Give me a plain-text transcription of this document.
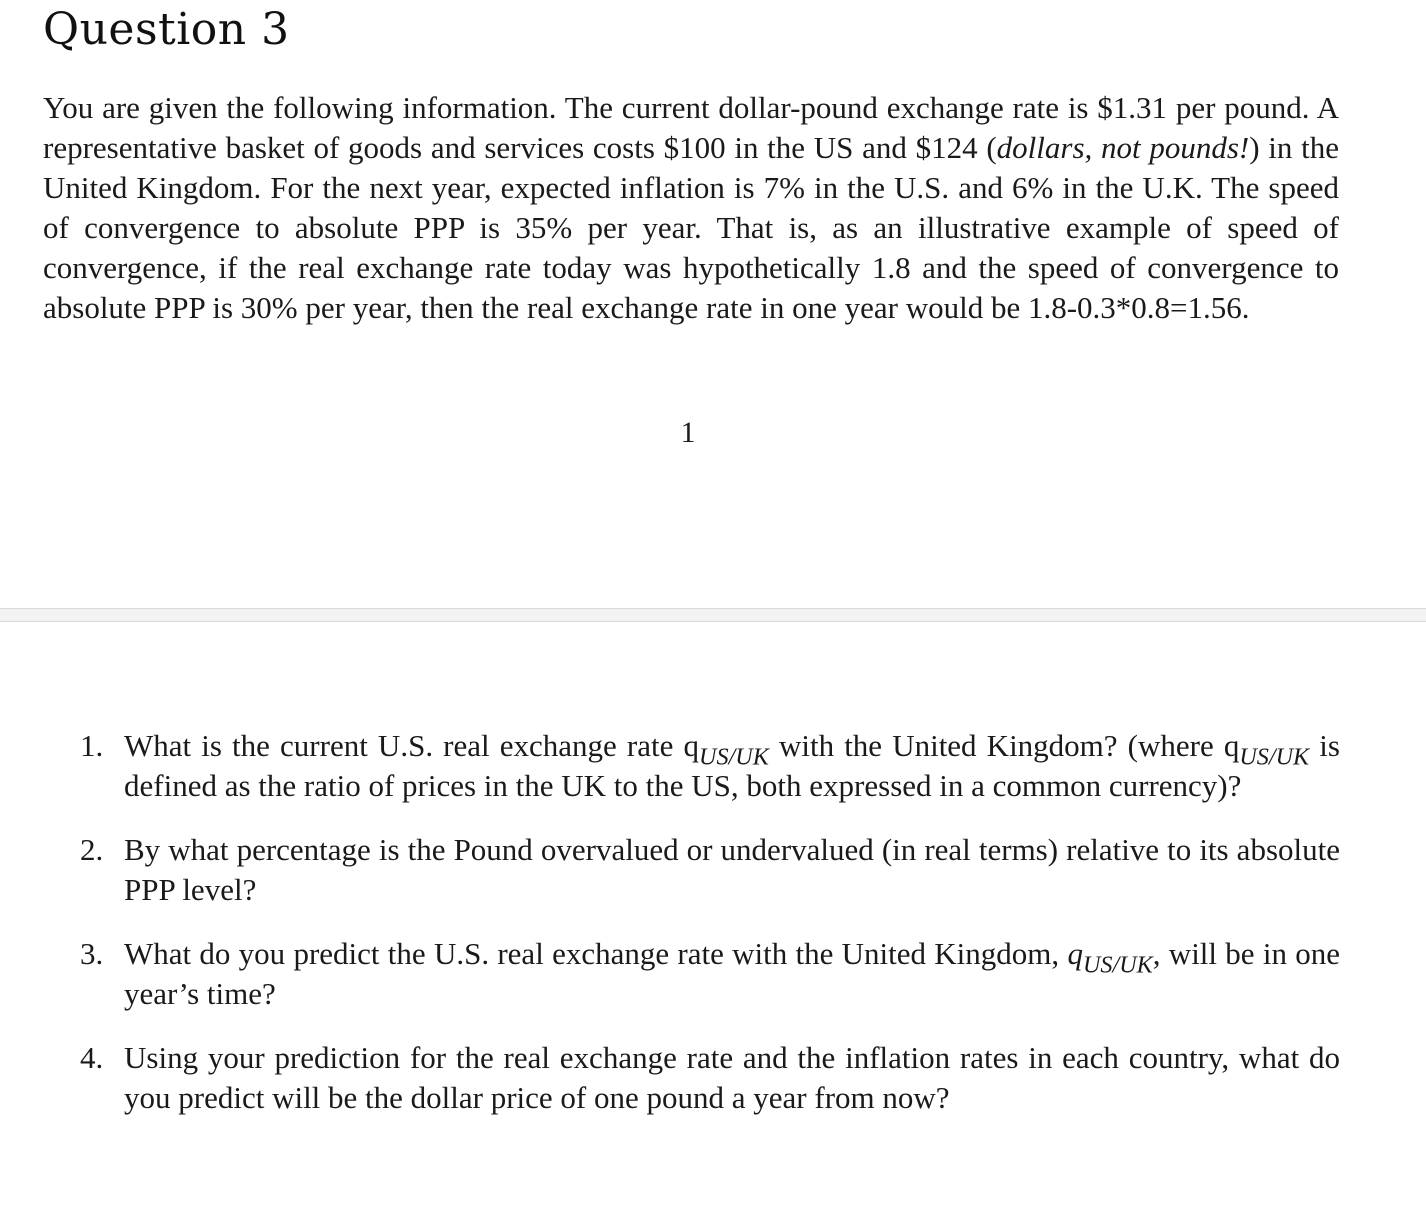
Question 3

You are given the following information. The current dollar-pound exchange rate is $1.31 per pound. A representative basket of goods and services costs $100 in the US and $124 (dollars, not pounds!) in the United Kingdom. For the next year, expected inflation is 7% in the U.S. and 6% in the U.K. The speed of convergence to absolute PPP is 35% per year. That is, as an illustrative example of speed of convergence, if the real exchange rate today was hypothetically 1.8 and the speed of convergence to absolute PPP is 30% per year, then the real exchange rate in one year would be 1.8-0.3*0.8=1.56.

1
1. What is the current U.S. real exchange rate $q_{US/UK}$ with the United Kingdom? (where $q_{US/UK}$ is defined as the ratio of prices in the UK to the US, both expressed in a common currency)?
2. By what percentage is the Pound overvalued or undervalued (in real terms) relative to its absolute PPP level?
3. What do you predict the U.S. real exchange rate with the United Kingdom, $q_{US/UK}$, will be in one year’s time?
4. Using your prediction for the real exchange rate and the inflation rates in each country, what do you predict will be the dollar price of one pound a year from now?
